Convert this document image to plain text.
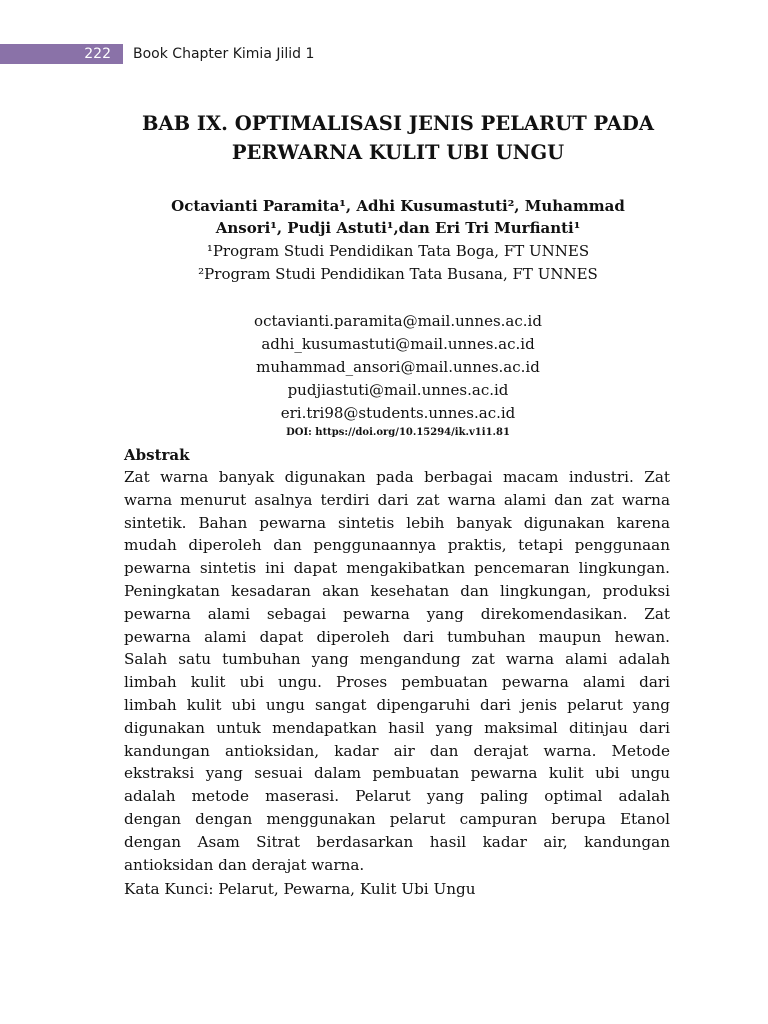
222 Book Chapter Kimia Jilid 1
BAB IX. OPTIMALISASI JENIS PELARUT PADA
PERWARNA KULIT UBI UNGU
Octavianti Paramita¹, Adhi Kusumastuti², Muhammad
Ansori¹, Pudji Astuti¹,dan Eri Tri Murfianti¹
¹Program Studi Pendidikan Tata Boga, FT UNNES
²Program Studi Pendidikan Tata Busana, FT UNNES
octavianti.paramita@mail.unnes.ac.id
adhi_kusumastuti@mail.unnes.ac.id
muhammad_ansori@mail.unnes.ac.id
pudjiastuti@mail.unnes.ac.id
eri.tri98@students.unnes.ac.id
DOI: https://doi.org/10.15294/ik.v1i1.81
Abstrak

Zat warna banyak digunakan pada berbagai macam industri. Zat
warna menurut asalnya terdiri dari zat warna alami dan zat warna
sintetik. Bahan pewarna sintetis lebih banyak digunakan karena
mudah diperoleh dan penggunaannya praktis, tetapi penggunaan
pewarna sintetis ini dapat mengakibatkan pencemaran lingkungan.
Peningkatan kesadaran akan kesehatan dan lingkungan, produksi
pewarna alami sebagai pewarna yang direkomendasikan. Zat
pewarna alami dapat diperoleh dari tumbuhan maupun hewan.
Salah satu tumbuhan yang mengandung zat warna alami adalah
limbah kulit ubi ungu. Proses pembuatan pewarna alami dari
limbah kulit ubi ungu sangat dipengaruhi dari jenis pelarut yang
digunakan untuk mendapatkan hasil yang maksimal ditinjau dari
kandungan antioksidan, kadar air dan derajat warna. Metode
ekstraksi yang sesuai dalam pembuatan pewarna kulit ubi ungu
adalah metode maserasi. Pelarut yang paling optimal adalah
dengan dengan menggunakan pelarut campuran berupa Etanol
dengan Asam Sitrat berdasarkan hasil kadar air, kandungan
antioksidan dan derajat warna.

Kata Kunci: Pelarut, Pewarna, Kulit Ubi Ungu
